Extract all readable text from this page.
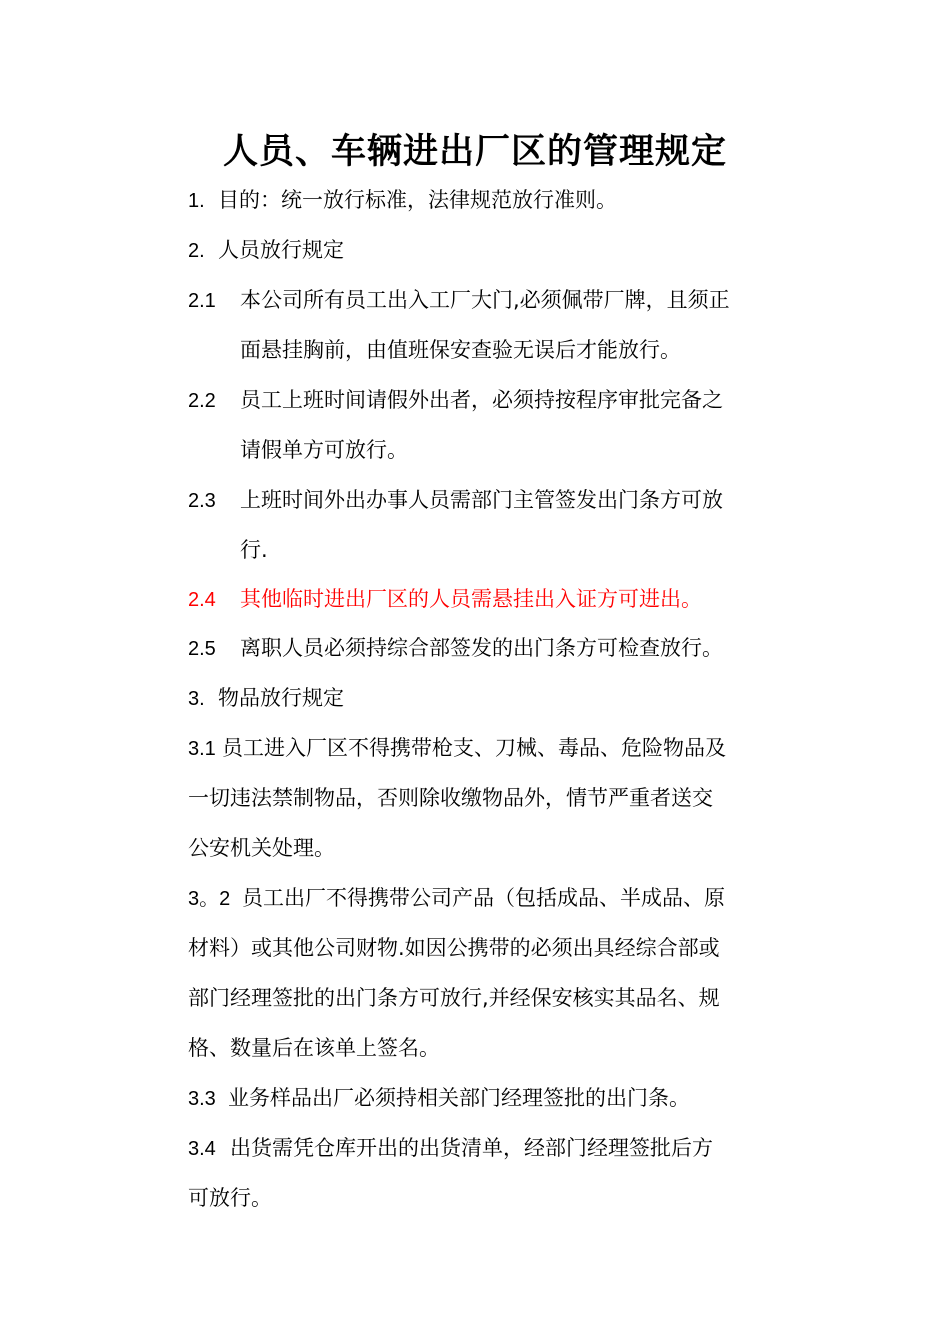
人员、车辆进出厂区的管理规定
1. 目的：统一放行标准，法律规范放行准则。
2. 人员放行规定
2.1 本公司所有员工出入工厂大门,必须佩带厂牌，且须正
面悬挂胸前，由值班保安查验无误后才能放行。
2.2 员工上班时间请假外出者，必须持按程序审批完备之
请假单方可放行。
2.3 上班时间外出办事人员需部门主管签发出门条方可放
行.
2.4 其他临时进出厂区的人员需悬挂出入证方可进出。
2.5 离职人员必须持综合部签发的出门条方可检查放行。
3. 物品放行规定
3.1 员工进入厂区不得携带枪支、刀械、毒品、危险物品及
一切违法禁制物品，否则除收缴物品外，情节严重者送交
公安机关处理。
3。2 员工出厂不得携带公司产品（包括成品、半成品、原
材料）或其他公司财物.如因公携带的必须出具经综合部或
部门经理签批的出门条方可放行,并经保安核实其品名、规
格、数量后在该单上签名。
3.3 业务样品出厂必须持相关部门经理签批的出门条。
3.4 出货需凭仓库开出的出货清单，经部门经理签批后方
可放行。
